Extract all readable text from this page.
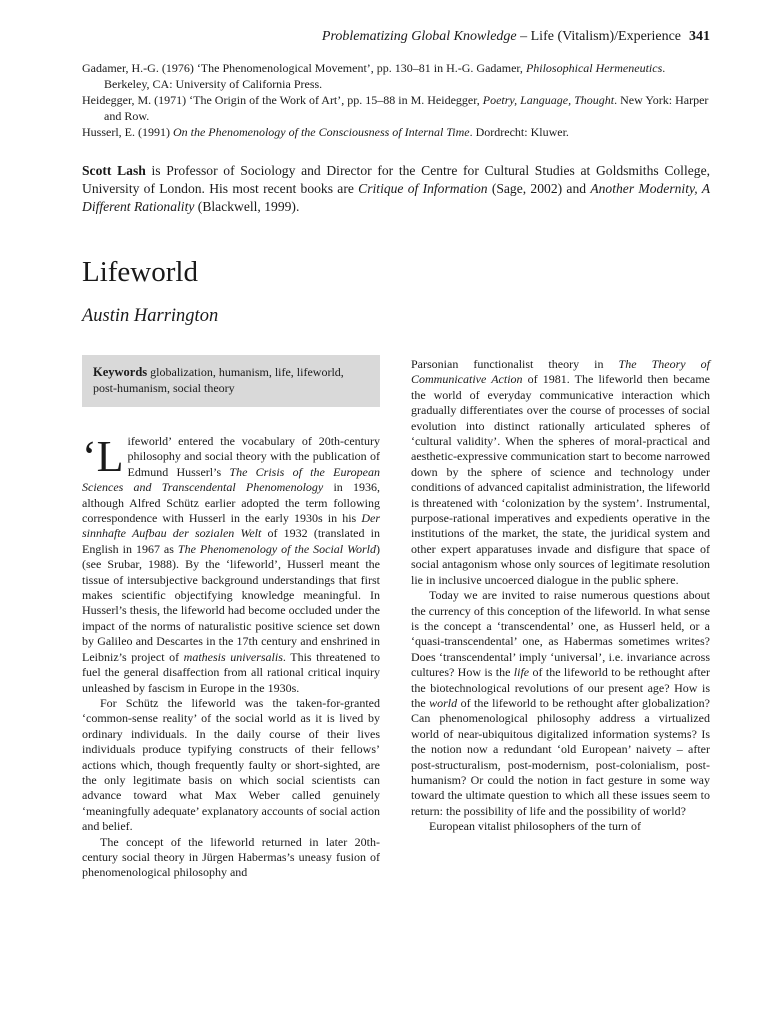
Problematizing Global Knowledge – Life (Vitalism)/Experience 341

Gadamer, H.-G. (1976) ‘The Phenomenological Movement’, pp. 130–81 in H.-G. Gadamer, Philosophical Hermeneutics. Berkeley, CA: University of California Press.

Heidegger, M. (1971) ‘The Origin of the Work of Art’, pp. 15–88 in M. Heidegger, Poetry, Language, Thought. New York: Harper and Row.

Husserl, E. (1991) On the Phenomenology of the Consciousness of Internal Time. Dordrecht: Kluwer.

Scott Lash is Professor of Sociology and Director for the Centre for Cultural Studies at Goldsmiths College, University of London. His most recent books are Critique of Information (Sage, 2002) and Another Modernity, A Different Rationality (Blackwell, 1999).

Lifeworld
Austin Harrington
Keywords globalization, humanism, life, lifeworld, post-humanism, social theory

‘Lifeworld’ entered the vocabulary of 20th-century philosophy and social theory with the publication of Edmund Husserl’s The Crisis of the European Sciences and Transcendental Phenomenology in 1936, although Alfred Schütz earlier adopted the term following correspondence with Husserl in the early 1930s in his Der sinnhafte Aufbau der sozialen Welt of 1932 (translated in English in 1967 as The Phenomenology of the Social World) (see Srubar, 1988). By the ‘lifeworld’, Husserl meant the tissue of intersubjective background understandings that first makes scientific objectifying knowledge meaningful. In Husserl’s thesis, the lifeworld had become occluded under the impact of the norms of naturalistic positive science set down by Galileo and Descartes in the 17th century and enshrined in Leibniz’s project of mathesis universalis. This threatened to fuel the general disaffection from all rational critical inquiry unleashed by fascism in Europe in the 1930s.

For Schütz the lifeworld was the taken-for-granted ‘common-sense reality’ of the social world as it is lived by ordinary individuals. In the daily course of their lives individuals produce typifying constructs of their fellows’ actions which, though frequently faulty or short-sighted, are the only legitimate basis on which social scientists can advance toward what Max Weber called genuinely ‘meaningfully adequate’ explanatory accounts of social action and belief.

The concept of the lifeworld returned in later 20th-century social theory in Jürgen Habermas’s uneasy fusion of phenomenological philosophy and

Parsonian functionalist theory in The Theory of Communicative Action of 1981. The lifeworld then became the world of everyday communicative interaction which gradually differentiates over the course of processes of social evolution into distinct rationally articulated spheres of ‘cultural validity’. When the spheres of moral-practical and aesthetic-expressive communication start to become narrowed down by the sphere of science and technology under conditions of advanced capitalist administration, the lifeworld is threatened with ‘colonization by the system’. Instrumental, purpose-rational imperatives and expedients operative in the institutions of the market, the state, the juridical system and other expert apparatuses invade and disfigure that space of social antagonism whose only sources of legitimate resolution lie in inclusive uncoerced dialogue in the public sphere.

Today we are invited to raise numerous questions about the currency of this conception of the lifeworld. In what sense is the concept a ‘transcendental’ one, as Husserl held, or a ‘quasi-transcendental’ one, as Habermas sometimes writes? Does ‘transcendental’ imply ‘universal’, i.e. invariance across cultures? How is the life of the lifeworld to be rethought after the biotechnological revolutions of our present age? How is the world of the lifeworld to be rethought after globalization? Can phenomenological philosophy address a virtualized world of near-ubiquitous digitalized information systems? Is the notion now a redundant ‘old European’ naivety – after post-structuralism, post-modernism, post-colonialism, post-humanism? Or could the notion in fact gesture in some way toward the ultimate question to which all these issues seem to return: the possibility of life and the possibility of world?

European vitalist philosophers of the turn of
